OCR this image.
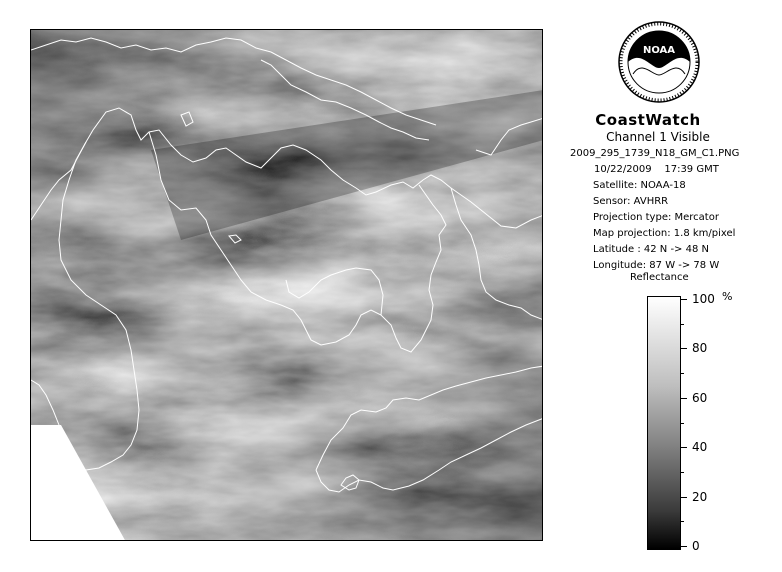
NOAA
CoastWatch
Channel 1 Visible
2009_295_1739_N18_GM_C1.PNG
10/22/2009    17:39 GMT
Satellite: NOAA-18
Sensor: AVHRR
Projection type: Mercator
Map projection: 1.8 km/pixel
Latitude : 42 N -> 48 N
Longitude: 87 W -> 78 W
Reflectance
%
100
80
60
40
20
0
